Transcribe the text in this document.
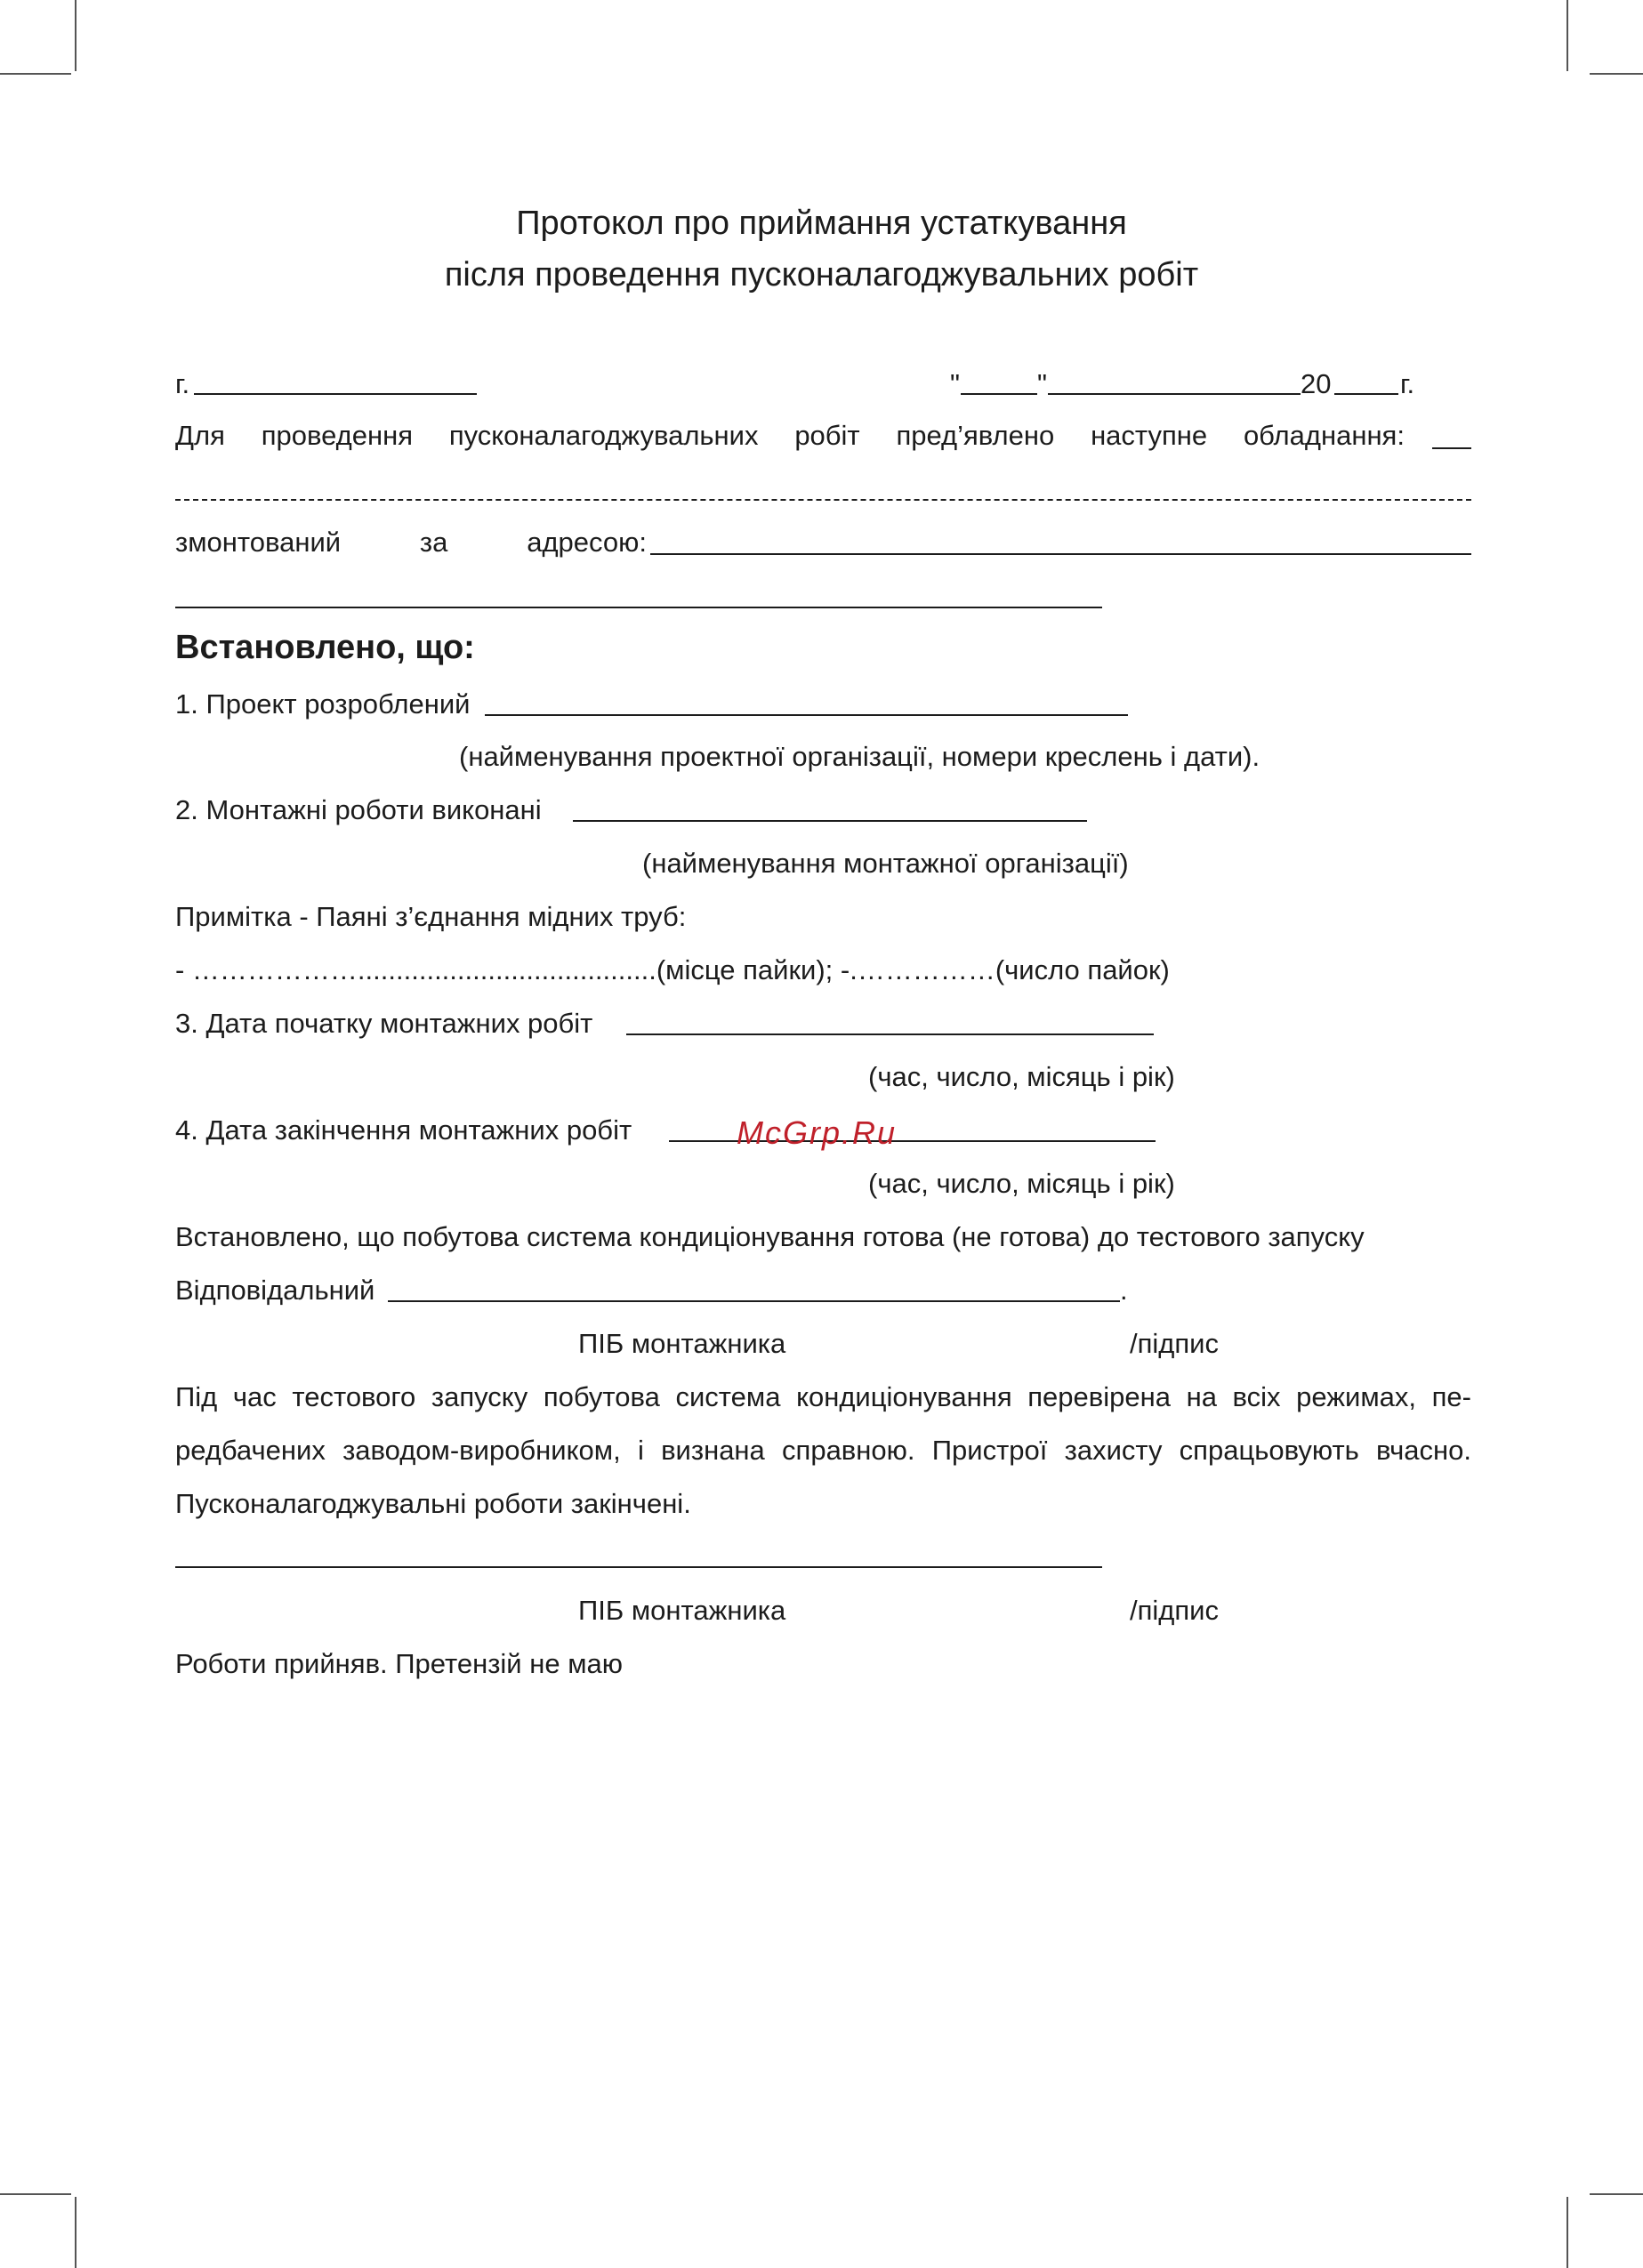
Протокол про приймання устаткування
після проведення пусконалагоджувальних робіт
г.	"	"	20	г.
Для проведення пусконалагоджувальних робіт пред’явлено наступне обладнання:
змонтований	за	адресою:
Встановлено, що:
1. Проект розроблений
(найменування проектної організації, номери креслень і дати).
2. Монтажні роботи виконані
(найменування монтажної організації)
Примітка - Паяні з’єднання мідних труб:
- ……………….......................................(місце пайки); -.……………(число пайок)
3. Дата початку монтажних робіт
(час, число, місяць і рік)
4. Дата закінчення монтажних робіт
(час, число, місяць і рік)
McGrp.Ru
Встановлено, що побутова система кондиціонування готова (не готова) до тестового запуску
Відповідальний	.
ПІБ монтажника	/підпис
Під час тестового запуску побутова система кондиціонування перевірена на всіх режимах, пе-
редбачених заводом-виробником, і визнана справною. Пристрої захисту спрацьовують вчасно.
Пусконалагоджувальні роботи закінчені.
ПІБ монтажника	/підпис
Роботи прийняв. Претензій не маю
